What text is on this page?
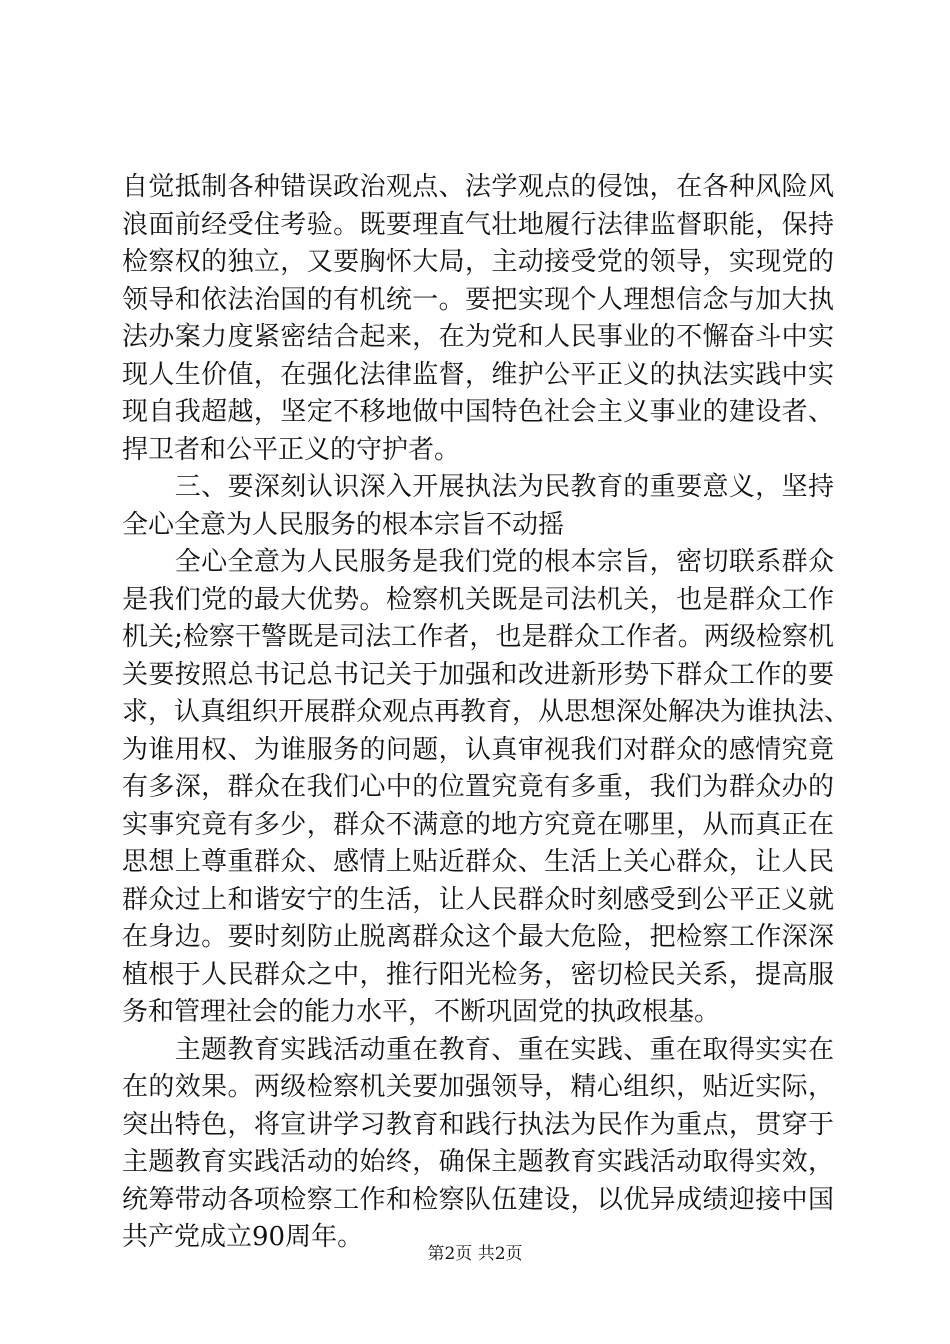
自觉抵制各种错误政治观点、法学观点的侵蚀，在各种风险风
浪面前经受住考验。既要理直气壮地履行法律监督职能，保持
检察权的独立，又要胸怀大局，主动接受党的领导，实现党的
领导和依法治国的有机统一。要把实现个人理想信念与加大执
法办案力度紧密结合起来，在为党和人民事业的不懈奋斗中实
现人生价值，在强化法律监督，维护公平正义的执法实践中实
现自我超越，坚定不移地做中国特色社会主义事业的建设者、
捍卫者和公平正义的守护者。
　　三、要深刻认识深入开展执法为民教育的重要意义，坚持
全心全意为人民服务的根本宗旨不动摇
　　全心全意为人民服务是我们党的根本宗旨，密切联系群众
是我们党的最大优势。检察机关既是司法机关，也是群众工作
机关;检察干警既是司法工作者，也是群众工作者。两级检察机
关要按照总书记总书记关于加强和改进新形势下群众工作的要
求，认真组织开展群众观点再教育，从思想深处解决为谁执法、
为谁用权、为谁服务的问题，认真审视我们对群众的感情究竟
有多深，群众在我们心中的位置究竟有多重，我们为群众办的
实事究竟有多少，群众不满意的地方究竟在哪里，从而真正在
思想上尊重群众、感情上贴近群众、生活上关心群众，让人民
群众过上和谐安宁的生活，让人民群众时刻感受到公平正义就
在身边。要时刻防止脱离群众这个最大危险，把检察工作深深
植根于人民群众之中，推行阳光检务，密切检民关系，提高服
务和管理社会的能力水平，不断巩固党的执政根基。
　　主题教育实践活动重在教育、重在实践、重在取得实实在
在的效果。两级检察机关要加强领导，精心组织，贴近实际，
突出特色，将宣讲学习教育和践行执法为民作为重点，贯穿于
主题教育实践活动的始终，确保主题教育实践活动取得实效，
统筹带动各项检察工作和检察队伍建设，以优异成绩迎接中国
共产党成立90周年。
第2页 共2页
